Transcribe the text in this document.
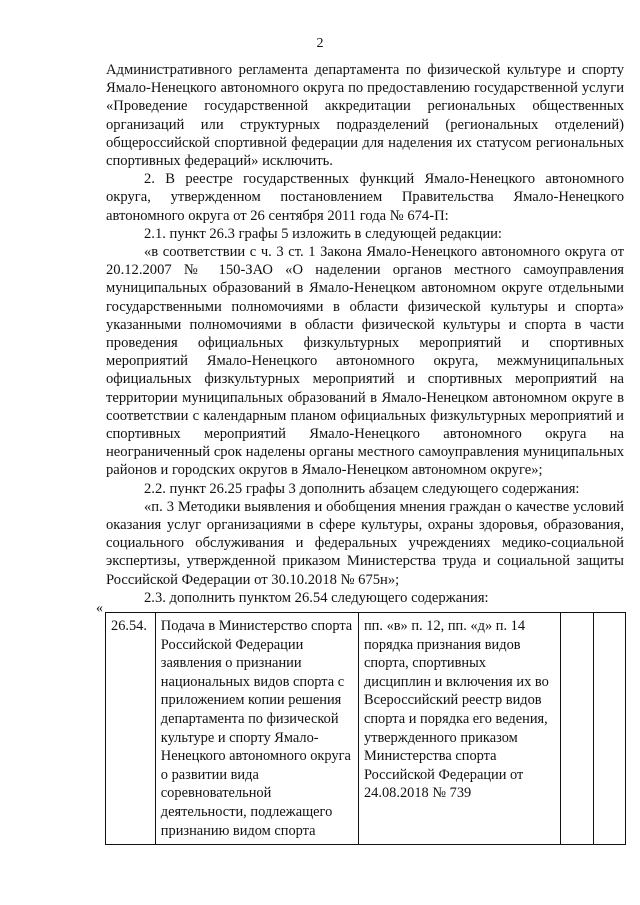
2

Административного регламента департамента по физической культуре и спорту Ямало-Ненецкого автономного округа по предоставлению государственной услуги «Проведение государственной аккредитации региональных общественных организаций или структурных подразделений (региональных отделений) общероссийской спортивной федерации для наделения их статусом региональных спортивных федераций» исключить.

2. В реестре государственных функций Ямало-Ненецкого автономного округа, утвержденном постановлением Правительства Ямало-Ненецкого автономного округа от 26 сентября 2011 года № 674-П:

2.1. пункт 26.3 графы 5 изложить в следующей редакции:

«в соответствии с ч. 3 ст. 1 Закона Ямало-Ненецкого автономного округа от 20.12.2007 № 150-ЗАО «О наделении органов местного самоуправления муниципальных образований в Ямало-Ненецком автономном округе отдельными государственными полномочиями в области физической культуры и спорта» указанными полномочиями в области физической культуры и спорта в части проведения официальных физкультурных мероприятий и спортивных мероприятий Ямало-Ненецкого автономного округа, межмуниципальных официальных физкультурных мероприятий и спортивных мероприятий на территории муниципальных образований в Ямало-Ненецком автономном округе в соответствии с календарным планом официальных физкультурных мероприятий и спортивных мероприятий Ямало-Ненецкого автономного округа на неограниченный срок наделены органы местного самоуправления муниципальных районов и городских округов в Ямало-Ненецком автономном округе»;

2.2. пункт 26.25 графы 3 дополнить абзацем следующего содержания:

«п. 3 Методики выявления и обобщения мнения граждан о качестве условий оказания услуг организациями в сфере культуры, охраны здоровья, образования, социального обслуживания и федеральных учреждениях медико-социальной экспертизы, утвержденной приказом Министерства труда и социальной защиты Российской Федерации от 30.10.2018 № 675н»;

2.3. дополнить пунктом 26.54 следующего содержания:

«
26.54.	Подача в Министерство спорта Российской Федерации заявления о признании национальных видов спорта с приложением копии решения департамента по физической культуре и спорту Ямало-Ненецкого автономного округа о развитии вида соревновательной деятельности, подлежащего признанию видом спорта	пп. «в» п. 12, пп. «д» п. 14 порядка признания видов спорта, спортивных дисциплин и включения их во Всероссийский реестр видов спорта и порядка его ведения, утвержденного приказом Министерства спорта Российской Федерации от 24.08.2018 № 739		
